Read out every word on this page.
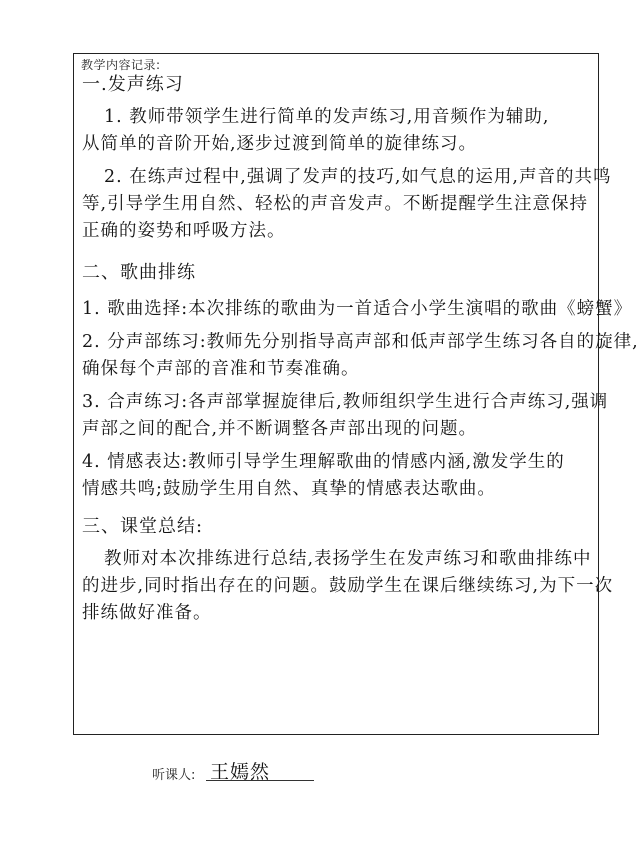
教学内容记录:

一.发声练习

1. 教师带领学生进行简单的发声练习,用音频作为辅助,

从简单的音阶开始,逐步过渡到简单的旋律练习。

2. 在练声过程中,强调了发声的技巧,如气息的运用,声音的共鸣

等,引导学生用自然、轻松的声音发声。不断提醒学生注意保持

正确的姿势和呼吸方法。

二、歌曲排练

1. 歌曲选择:本次排练的歌曲为一首适合小学生演唱的歌曲《螃蟹》

2. 分声部练习:教师先分别指导高声部和低声部学生练习各自的旋律,

确保每个声部的音准和节奏准确。

3. 合声练习:各声部掌握旋律后,教师组织学生进行合声练习,强调

声部之间的配合,并不断调整各声部出现的问题。

4. 情感表达:教师引导学生理解歌曲的情感内涵,激发学生的

情感共鸣;鼓励学生用自然、真挚的情感表达歌曲。

三、课堂总结:

教师对本次排练进行总结,表扬学生在发声练习和歌曲排练中

的进步,同时指出存在的问题。鼓励学生在课后继续练习,为下一次

排练做好准备。

听课人: 王嫣然
